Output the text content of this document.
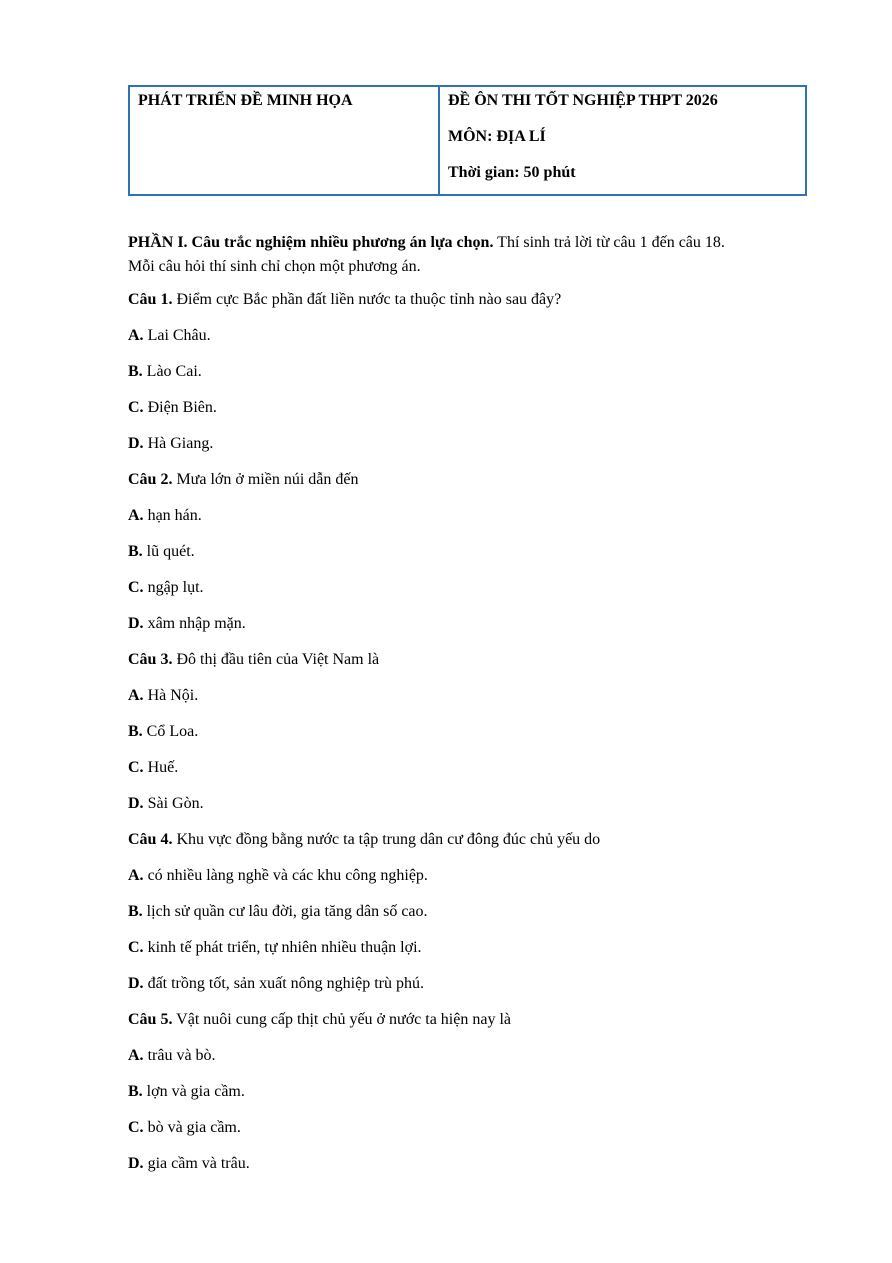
PHÁT TRIỂN ĐỀ MINH HỌA	ĐỀ ÔN THI TỐT NGHIỆP THPT 2026
MÔN: ĐỊA LÍ
Thời gian: 50 phút
PHẦN I. Câu trắc nghiệm nhiều phương án lựa chọn. Thí sinh trả lời từ câu 1 đến câu 18.
Mỗi câu hỏi thí sinh chỉ chọn một phương án.
Câu 1. Điểm cực Bắc phần đất liền nước ta thuộc tỉnh nào sau đây?
A. Lai Châu.
B. Lào Cai.
C. Điện Biên.
D. Hà Giang.
Câu 2. Mưa lớn ở miền núi dẫn đến
A. hạn hán.
B. lũ quét.
C. ngập lụt.
D. xâm nhập mặn.
Câu 3. Đô thị đầu tiên của Việt Nam là
A. Hà Nội.
B. Cổ Loa.
C. Huế.
D. Sài Gòn.
Câu 4. Khu vực đồng bằng nước ta tập trung dân cư đông đúc chủ yếu do
A. có nhiều làng nghề và các khu công nghiệp.
B. lịch sử quần cư lâu đời, gia tăng dân số cao.
C. kinh tế phát triển, tự nhiên nhiều thuận lợi.
D. đất trồng tốt, sản xuất nông nghiệp trù phú.
Câu 5. Vật nuôi cung cấp thịt chủ yếu ở nước ta hiện nay là
A. trâu và bò.
B. lợn và gia cầm.
C. bò và gia cầm.
D. gia cầm và trâu.
